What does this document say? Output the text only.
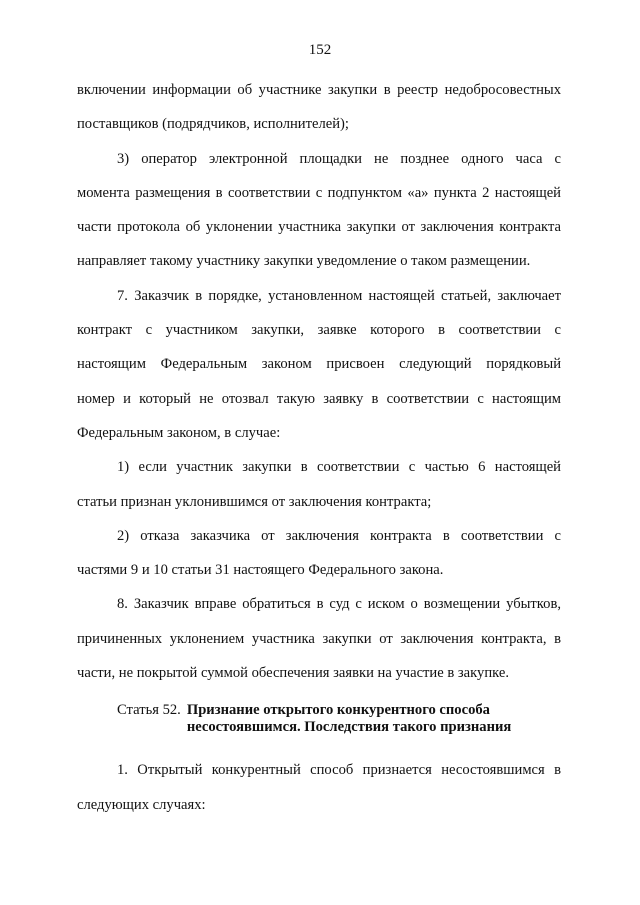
152

включении информации об участнике закупки в реестр недобросовестных
поставщиков (подрядчиков, исполнителей);

3) оператор электронной площадки не позднее одного часа с
момента размещения в соответствии с подпунктом «а» пункта 2 настоящей
части протокола об уклонении участника закупки от заключения контракта
направляет такому участнику закупки уведомление о таком размещении.

7. Заказчик в порядке, установленном настоящей статьей, заключает
контракт с участником закупки, заявке которого в соответствии с
настоящим Федеральным законом присвоен следующий порядковый
номер и который не отозвал такую заявку в соответствии с настоящим
Федеральным законом, в случае:

1) если участник закупки в соответствии с частью 6 настоящей
статьи признан уклонившимся от заключения контракта;

2) отказа заказчика от заключения контракта в соответствии с
частями 9 и 10 статьи 31 настоящего Федерального закона.

8. Заказчик вправе обратиться в суд с иском о возмещении убытков,
причиненных уклонением участника закупки от заключения контракта, в
части, не покрытой суммой обеспечения заявки на участие в закупке.

Статья 52. Признание открытого конкурентного способа
несостоявшимся. Последствия такого признания

1. Открытый конкурентный способ признается несостоявшимся в
следующих случаях:
